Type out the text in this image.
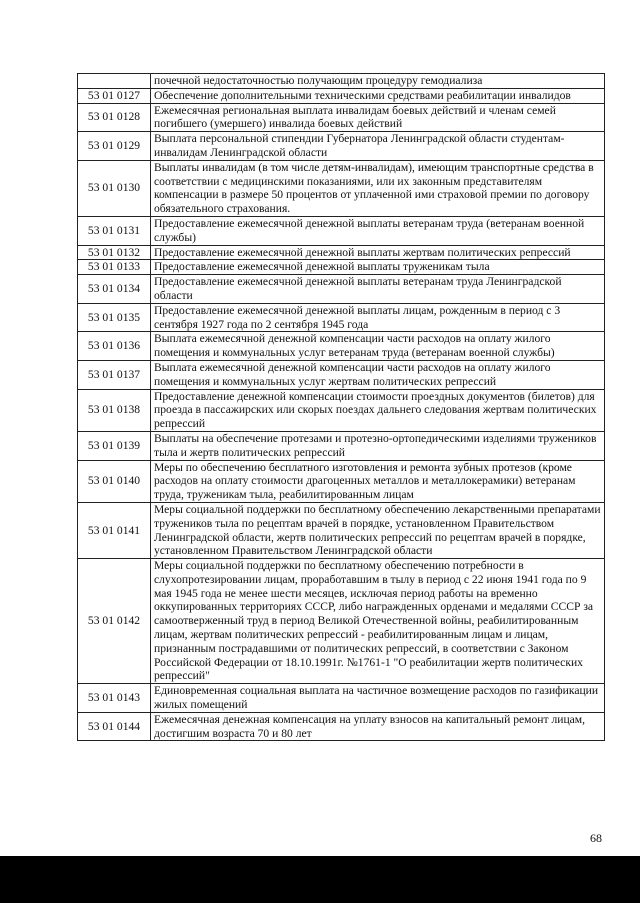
	почечной недостаточностью получающим процедуру гемодиализа
53 01 0127	Обеспечение дополнительными техническими средствами реабилитации инвалидов
53 01 0128	Ежемесячная региональная выплата инвалидам боевых действий и членам семей погибшего (умершего) инвалида боевых действий
53 01 0129	Выплата персональной стипендии Губернатора Ленинградской области студентам-инвалидам Ленинградской области
53 01 0130	Выплаты инвалидам (в том числе детям-инвалидам), имеющим транспортные средства в соответствии с медицинскими показаниями, или их законным представителям компенсации в размере 50 процентов от уплаченной ими страховой премии по договору обязательного страхования.
53 01 0131	Предоставление ежемесячной денежной выплаты ветеранам труда (ветеранам военной службы)
53 01 0132	Предоставление ежемесячной денежной выплаты жертвам политических репрессий
53 01 0133	Предоставление ежемесячной денежной выплаты труженикам тыла
53 01 0134	Предоставление ежемесячной денежной выплаты ветеранам труда Ленинградской области
53 01 0135	Предоставление ежемесячной денежной выплаты лицам, рожденным в период с 3 сентября 1927 года по 2 сентября 1945 года
53 01 0136	Выплата ежемесячной денежной компенсации части расходов на оплату жилого помещения и коммунальных услуг ветеранам труда (ветеранам военной службы)
53 01 0137	Выплата ежемесячной денежной компенсации части расходов на оплату жилого помещения и коммунальных услуг жертвам политических репрессий
53 01 0138	Предоставление денежной компенсации стоимости проездных документов (билетов) для проезда в пассажирских или скорых поездах дальнего следования жертвам политических репрессий
53 01 0139	Выплаты на обеспечение протезами и протезно-ортопедическими изделиями тружеников тыла и жертв политических репрессий
53 01 0140	Меры по обеспечению бесплатного изготовления и ремонта зубных протезов (кроме расходов на оплату стоимости драгоценных металлов и металлокерамики) ветеранам труда, труженикам тыла, реабилитированным лицам
53 01 0141	Меры социальной поддержки по бесплатному обеспечению лекарственными препаратами тружеников тыла по рецептам врачей в порядке, установленном Правительством Ленинградской области, жертв политических репрессий по рецептам врачей в порядке, установленном Правительством Ленинградской области
53 01 0142	Меры социальной поддержки по бесплатному обеспечению потребности в слухопротезировании лицам, проработавшим в тылу в период с 22 июня 1941 года по 9 мая 1945 года не менее шести месяцев, исключая период работы на временно оккупированных территориях СССР, либо награжденных орденами и медалями СССР за самоотверженный труд в период Великой Отечественной войны, реабилитированным лицам, жертвам политических репрессий - реабилитированным лицам и лицам, признанным пострадавшими от политических репрессий, в соответствии с Законом Российской Федерации от 18.10.1991г. №1761-1 "О реабилитации жертв политических репрессий"
53 01 0143	Единовременная социальная выплата на частичное возмещение расходов по газификации жилых помещений
53 01 0144	Ежемесячная денежная компенсация на уплату взносов на капитальный ремонт лицам, достигшим возраста 70 и 80 лет
68
